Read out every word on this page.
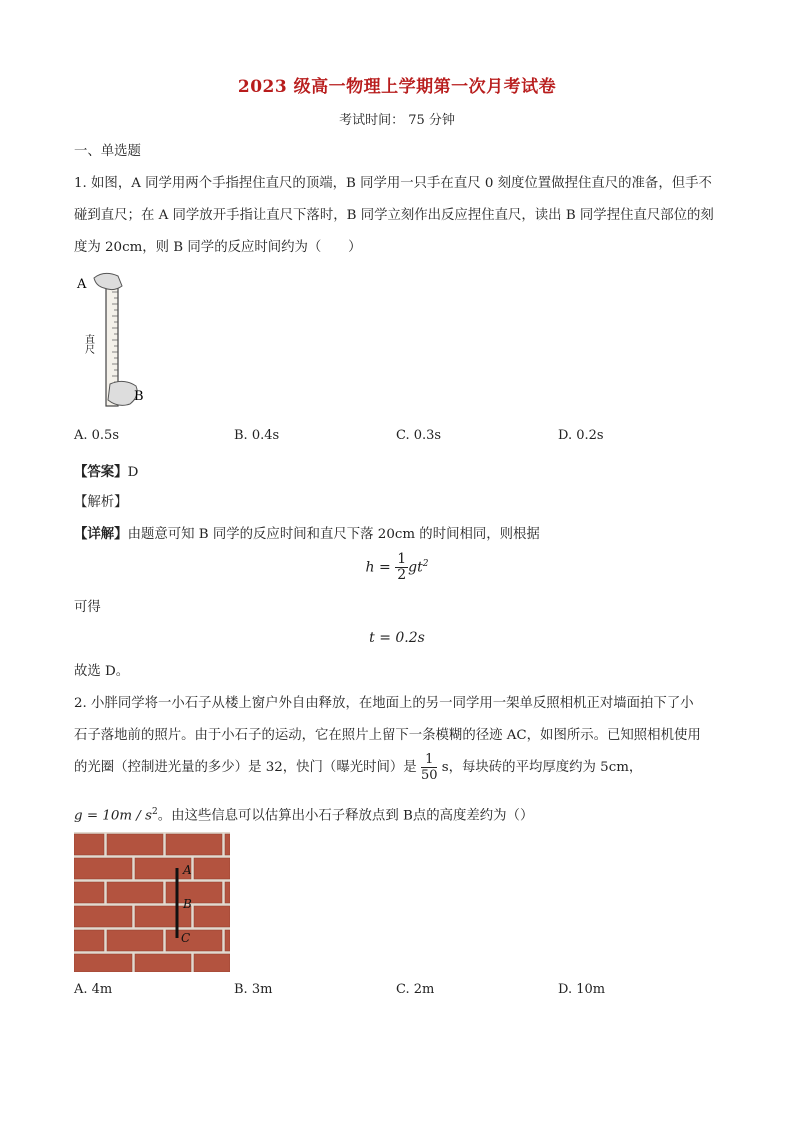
2023 级高一物理上学期第一次月考试卷
考试时间： 75 分钟
一、单选题

1. 如图，A 同学用两个手指捏住直尺的顶端，B 同学用一只手在直尺 0 刻度位置做捏住直尺的准备，但手不

碰到直尺；在 A 同学放开手指让直尺下落时，B 同学立刻作出反应捏住直尺，读出 B 同学捏住直尺部位的刻

度为 20cm，则 B 同学的反应时间约为（　　）

A
B
直尺
A. 0.5s	B. 0.4s	C. 0.3s	D. 0.2s
【答案】D
【解析】
【详解】由题意可知 B 同学的反应时间和直尺下落 20cm 的时间相同，则根据
$h = \frac{1}{2} gt^2$
可得
t = 0.2s
故选 D。
2. 小胖同学将一小石子从楼上窗户外自由释放，在地面上的另一同学用一架单反照相机正对墙面拍下了小
石子落地前的照片。由于小石子的运动，它在照片上留下一条模糊的径迹 AC，如图所示。已知照相机使用
的光圈（控制进光量的多少）是 32，快门（曝光时间）是 $\frac{1}{50}$ s，每块砖的平均厚度约为 5cm，
$g = 10m / s^2$。由这些信息可以估算出小石子释放点到 B点的高度差约为（）
A
B
C
A. 4m	B. 3m	C. 2m	D. 10m
